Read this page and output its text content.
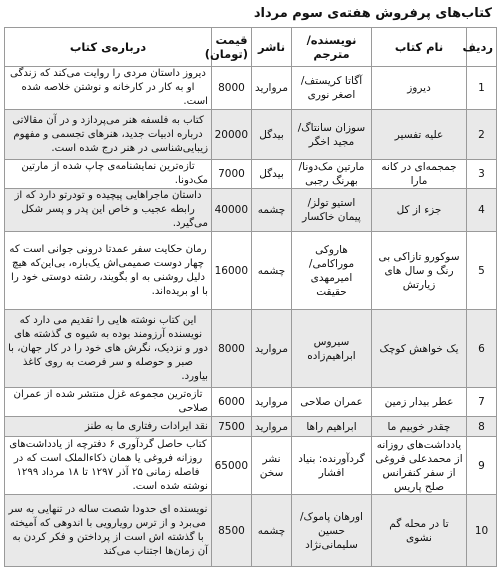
کتاب‌های پرفروش هفته‌ی سوم مرداد
ردیف	نام کتاب	نویسنده/ مترجم	ناشر	قیمت (تومان)	درباره‌ی کتاب
1	دیروز	آگاتا کریستف/ اصغر نوری	مروارید	8000	دیروز داستان مردی را روایت می‌کند که زندگی او به کار در کارخانه و نوشتن خلاصه شده است.
2	علیه تفسیر	سوزان سانتاگ/ مجید اخگر	بیدگل	20000	کتاب به فلسفه هنر می‌پردازد و در آن مقالاتی درباره ادبیات جدید، هنرهای تجسمی و مفهوم زیبایی‌شناسی در هنر درج شده است.
3	جمجمه‌ای در کانه مارا	مارتین مک‌دونا/ بهرنگ رجبی	بیدگل	7000	تازه‌ترین نمایشنامه‌ی چاپ شده از مارتین مک‌دونا.
4	جزء از کل	استیو تولز/ پیمان خاکسار	چشمه	40000	داستان ماجراهایی پیچیده و تودرتو دارد که از رابطه عجیب و خاص این پدر و پسر شکل می‌گیرد.
5	سوکورو تازاکی بی رنگ و سال های زیارتش	هاروکی موراکامی/ امیرمهدی حقیقت	چشمه	16000	رمان حکایت سفر عمدتا درونی جوانی است که چهار دوست صمیمی‌اش یک‌باره، بی‌این‌که هیچ دلیل روشنی به او بگویند، رشته دوستی خود را با او بریده‌اند.
6	یک خواهش کوچک	سیروس ابراهیم‌زاده	مروارید	8000	این کتاب نوشته هایی را تقدیم می دارد که نویسنده آرزومند بوده به شیوه ی گذشته های دور و نزدیک، نگرش های خود را در کار جهان، با صبر و حوصله و سر فرصت به روی کاغذ بیاورد.
7	عطر بیدار زمین	عمران صلاحی	مروارید	6000	تازه‌ترین مجموعه غزل منتشر شده از عمران صلاحی
8	چقدر خوبیم ما	ابراهیم راها	مروارید	7500	نقد ایرادات رفتاری ما به طنز
9	یادداشت‌های روزانه از محمدعلی فروغی از سفر کنفرانس صلح پاریس	گردآورنده: بنیاد افشار	نشر سخن	65000	کتاب حاصل گردآوری ۶ دفترچه از یادداشت‌های روزانه فروغی یا همان ذکاءالملک است که در فاصله زمانی ۲۵ آذر ۱۲۹۷ تا ۱۸ مرداد ۱۲۹۹ نوشته شده است.
10	تا در محله گم نشوی	اورهان پاموک/ حسین سلیمانی‌نژاد	چشمه	8500	نویسنده ای حدودا شصت ساله در تنهایی به سر می‌برد و از ترس رویارویی با اندوهی که آمیخته با گذشته اش است از پرداختن و فکر کردن به آن زمان‌ها اجتناب می‌کند
